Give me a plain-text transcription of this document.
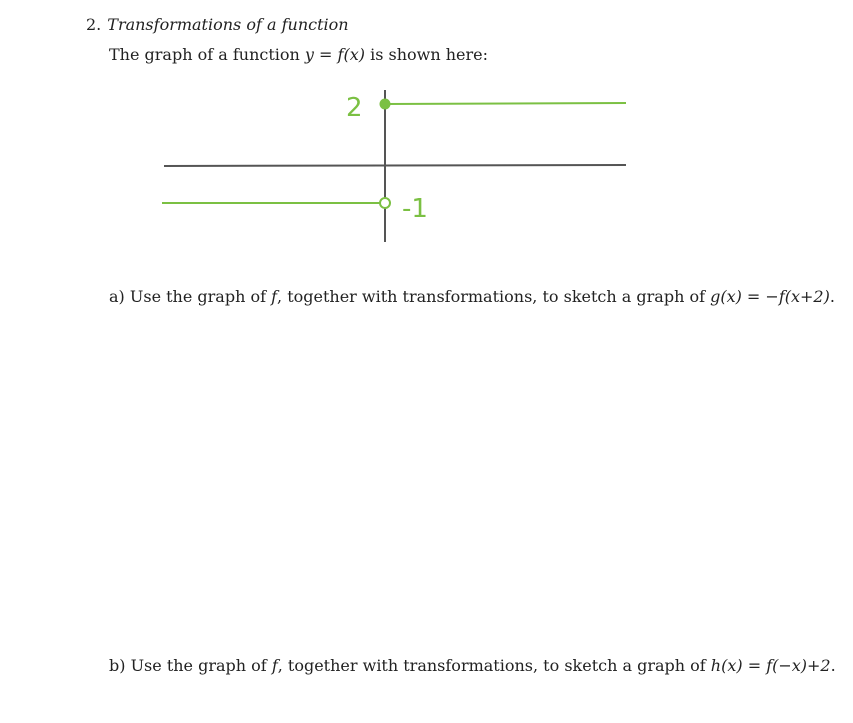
2. Transformations of a function
The graph of a function y = f(x) is shown here:
2
-1
a) Use the graph of f, together with transformations, to sketch a graph of g(x) = −f(x+2).
b) Use the graph of f, together with transformations, to sketch a graph of h(x) = f(−x)+2.
